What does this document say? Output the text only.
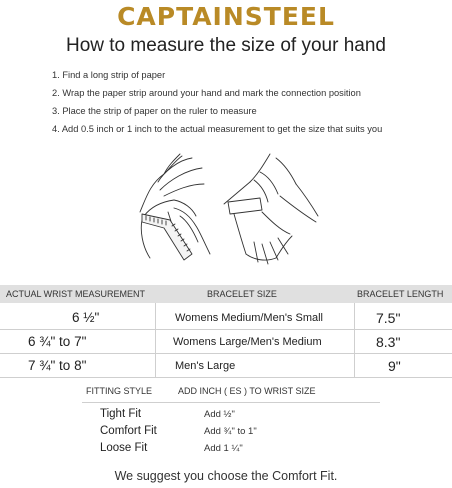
CAPTAINSTEEL
How to measure the size of your hand
1. Find a long strip of paper
2. Wrap the paper strip around your hand and mark the connection position
3. Place the strip of paper on the ruler to measure
4. Add 0.5 inch or 1 inch to the actual measurement to get the size that suits you
ACTUAL WRIST MEASUREMENT	BRACELET SIZE	BRACELET LENGTH
6 ½"	Womens Medium/Men's Small	7.5"
6 ¾" to 7"	Womens Large/Men's Medium	8.3"
7 ¾" to 8"	Men's Large	9"
FITTING STYLE	ADD INCH ( ES ) TO WRIST SIZE
Tight Fit	Add ½"
Comfort Fit	Add ¾" to 1"
Loose Fit	Add 1 ¼"
We suggest you choose the Comfort Fit.
